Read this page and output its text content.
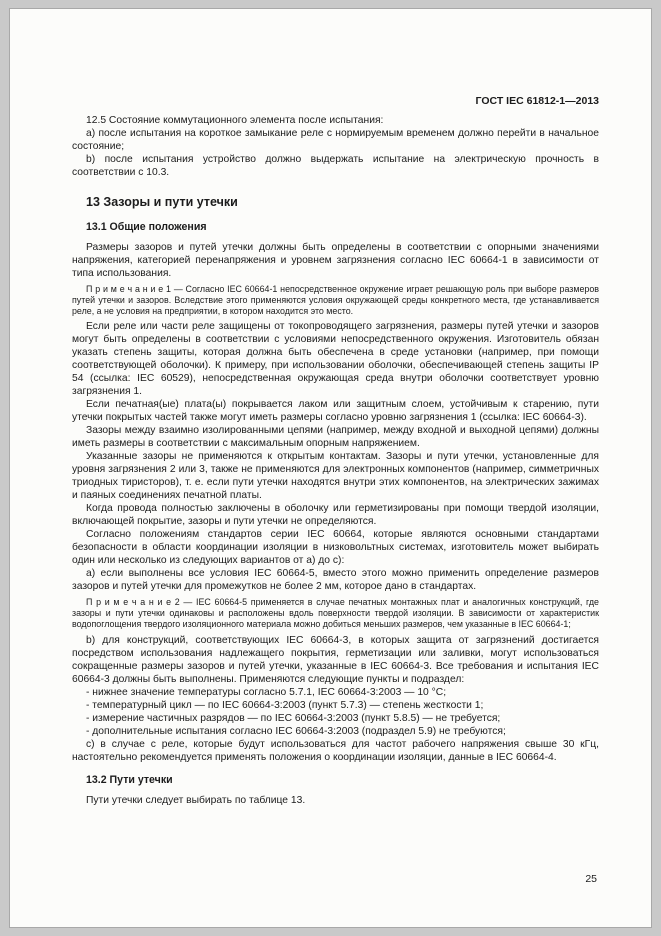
ГОСТ IEC 61812-1—2013

12.5 Состояние коммутационного элемента после испытания:

a) после испытания на короткое замыкание реле с нормируемым временем должно перейти в начальное состояние;

b) после испытания устройство должно выдержать испытание на электрическую прочность в соответствии с 10.3.

13 Зазоры и пути утечки

13.1 Общие положения

Размеры зазоров и путей утечки должны быть определены в соответствии с опорными значениями напряжения, категорией перенапряжения и уровнем загрязнения согласно IEC 60664-1 в зависимости от типа использования.

П р и м е ч а н и е 1 — Согласно IEC 60664-1 непосредственное окружение играет решающую роль при выборе размеров путей утечки и зазоров. Вследствие этого применяются условия окружающей среды конкретного места, где устанавливается реле, а не условия на предприятии, в котором находится это место.

Если реле или части реле защищены от токопроводящего загрязнения, размеры путей утечки и зазоров могут быть определены в соответствии с условиями непосредственного окружения. Изготовитель обязан указать степень защиты, которая должна быть обеспечена в среде установки (например, при помощи соответствующей оболочки). К примеру, при использовании оболочки, обеспечивающей степень защиты IP 54 (ссылка: IEC 60529), непосредственная окружающая среда внутри оболочки соответствует уровню загрязнения 1.

Если печатная(ые) плата(ы) покрывается лаком или защитным слоем, устойчивым к старению, пути утечки покрытых частей также могут иметь размеры согласно уровню загрязнения 1 (ссылка: IEC 60664-3).

Зазоры между взаимно изолированными цепями (например, между входной и выходной цепями) должны иметь размеры в соответствии с максимальным опорным напряжением.

Указанные зазоры не применяются к открытым контактам. Зазоры и пути утечки, установленные для уровня загрязнения 2 или 3, также не применяются для электронных компонентов (например, симметричных триодных тиристоров), т. е. если пути утечки находятся внутри этих компонентов, на электрических зажимах и паяных соединениях печатной платы.

Когда провода полностью заключены в оболочку или герметизированы при помощи твердой изоляции, включающей покрытие, зазоры и пути утечки не определяются.

Согласно положениям стандартов серии IEC 60664, которые являются основными стандартами безопасности в области координации изоляции в низковольтных системах, изготовитель может выбирать один или несколько из следующих вариантов от a) до c):

a) если выполнены все условия IEC 60664-5, вместо этого можно применить определение размеров зазоров и путей утечки для промежутков не более 2 мм, которое дано в стандартах.

П р и м е ч а н и е 2 — IEC 60664-5 применяется в случае печатных монтажных плат и аналогичных конструкций, где зазоры и пути утечки одинаковы и расположены вдоль поверхности твердой изоляции. В зависимости от характеристик водопоглощения твердого изоляционного материала можно добиться меньших размеров, чем указанные в IEC 60664-1;

b) для конструкций, соответствующих IEC 60664-3, в которых защита от загрязнений достигается посредством использования надлежащего покрытия, герметизации или заливки, могут использоваться сокращенные размеры зазоров и путей утечки, указанные в IEC 60664-3. Все требования и испытания IEC 60664-3 должны быть выполнены. Применяются следующие пункты и подраздел:

- нижнее значение температуры согласно 5.7.1, IEC 60664-3:2003 — 10 °C;

- температурный цикл — по IEC 60664-3:2003 (пункт 5.7.3) — степень жесткости 1;

- измерение частичных разрядов — по IEC 60664-3:2003 (пункт 5.8.5) — не требуется;

- дополнительные испытания согласно IEC 60664-3:2003 (подраздел 5.9) не требуются;

c) в случае с реле, которые будут использоваться для частот рабочего напряжения свыше 30 кГц, настоятельно рекомендуется применять положения о координации изоляции, данные в IEC 60664-4.

13.2 Пути утечки

Пути утечки следует выбирать по таблице 13.

25
